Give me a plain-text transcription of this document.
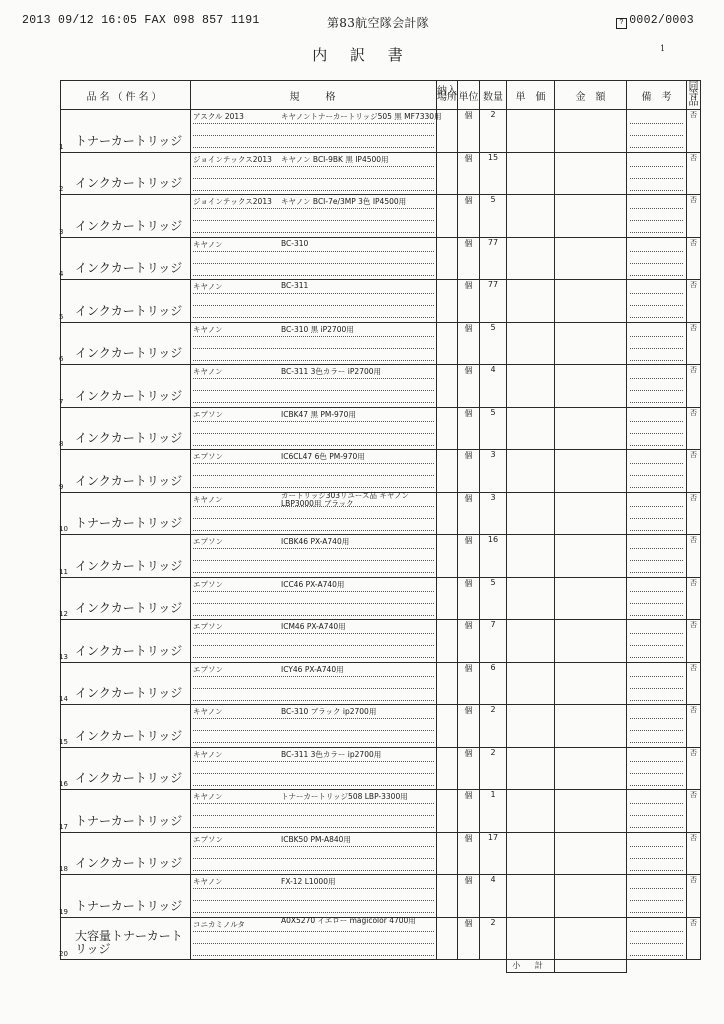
2013 09/12 16:05 FAX 098 857 1191	第83航空隊会計隊	? 0002/0003
内 訳 書	1
品名（件名）	規　　格	納入場所	単位	数量	単　価	金　額	備　考	同等品

1 トナーカートリッジ	アスクル 2013 キヤノントナーカートリッジ505 黒 MF7330用		個	2				否

2 インクカートリッジ	ジョインテックス2013 キヤノン BCI-9BK 黒 IP4500用		個	15				否

3 インクカートリッジ	ジョインテックス2013 キヤノン BCI-7e/3MP 3色 IP4500用		個	5				否

4 インクカートリッジ	キヤノン BC-310		個	77				否

5 インクカートリッジ	キヤノン BC-311		個	77				否

6 インクカートリッジ	キヤノン BC-310 黒 iP2700用		個	5				否

7 インクカートリッジ	キヤノン BC-311 3色カラー iP2700用		個	4				否

8 インクカートリッジ	エプソン ICBK47 黒 PM-970用		個	5				否

9 インクカートリッジ	エプソン IC6CL47 6色 PM-970用		個	3				否

10 トナーカートリッジ	キヤノン カートリッジ303リユース品 キヤノン LBP3000用 ブラック		個	3				否

11 インクカートリッジ	エプソン ICBK46 PX-A740用		個	16				否

12 インクカートリッジ	エプソン ICC46 PX-A740用		個	5				否

13 インクカートリッジ	エプソン ICM46 PX-A740用		個	7				否

14 インクカートリッジ	エプソン ICY46 PX-A740用		個	6				否

15 インクカートリッジ	キヤノン BC-310 ブラック ip2700用		個	2				否

16 インクカートリッジ	キヤノン BC-311 3色カラー ip2700用		個	2				否

17 トナーカートリッジ	キヤノン トナーカートリッジ508 LBP-3300用		個	1				否

18 インクカートリッジ	エプソン ICBK50 PM-A840用		個	17				否

19 トナーカートリッジ	キヤノン FX-12 L1000用		個	4				否

20
大容量トナーカートリッジ	コニカミノルタ A0X5270 イエロー magicolor 4700用		個	2				否
					小 計			
